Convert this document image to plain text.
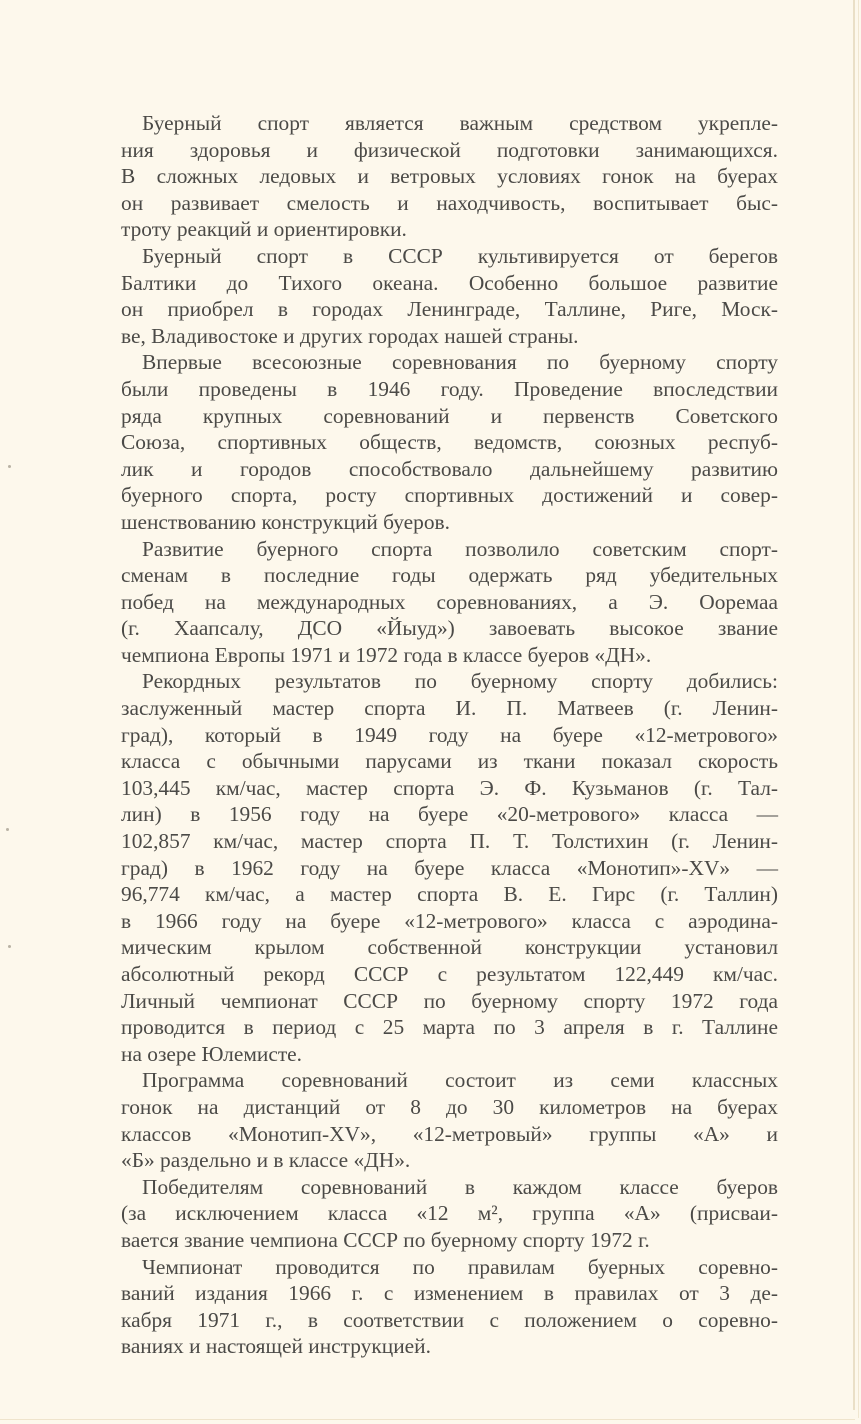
Буерный спорт является важным средством укрепле-
ния здоровья и физической подготовки занимающихся.
В сложных ледовых и ветровых условиях гонок на буерах
он развивает смелость и находчивость, воспитывает быс-
троту реакций и ориентировки.

Буерный спорт в СССР культивируется от берегов
Балтики до Тихого океана. Особенно большое развитие
он приобрел в городах Ленинграде, Таллине, Риге, Моск-
ве, Владивостоке и других городах нашей страны.

Впервые всесоюзные соревнования по буерному спорту
были проведены в 1946 году. Проведение впоследствии
ряда крупных соревнований и первенств Советского
Союза, спортивных обществ, ведомств, союзных респуб-
лик и городов способствовало дальнейшему развитию
буерного спорта, росту спортивных достижений и совер-
шенствованию конструкций буеров.

Развитие буерного спорта позволило советским спорт-
сменам в последние годы одержать ряд убедительных
побед на международных соревнованиях, а Э. Ооремаа
(г. Хаапсалу, ДСО «Йыуд») завоевать высокое звание
чемпиона Европы 1971 и 1972 года в классе буеров «ДН».

Рекордных результатов по буерному спорту добились:
заслуженный мастер спорта И. П. Матвеев (г. Ленин-
град), который в 1949 году на буере «12-метрового»
класса с обычными парусами из ткани показал скорость
103,445 км/час, мастер спорта Э. Ф. Кузьманов (г. Тал-
лин) в 1956 году на буере «20-метрового» класса —
102,857 км/час, мастер спорта П. Т. Толстихин (г. Ленин-
град) в 1962 году на буере класса «Монотип»-XV» —
96,774 км/час, а мастер спорта В. Е. Гирс (г. Таллин)
в 1966 году на буере «12-метрового» класса с аэродина-
мическим крылом собственной конструкции установил
абсолютный рекорд СССР с результатом 122,449 км/час.
Личный чемпионат СССР по буерному спорту 1972 года
проводится в период с 25 марта по 3 апреля в г. Таллине
на озере Юлемисте.

Программа соревнований состоит из семи классных
гонок на дистанций от 8 до 30 километров на буерах
классов «Монотип-XV», «12-метровый» группы «А» и
«Б» раздельно и в классе «ДН».

Победителям соревнований в каждом классе буеров
(за исключением класса «12 м², группа «А» (присваи-
вается звание чемпиона СССР по буерному спорту 1972 г.

Чемпионат проводится по правилам буерных соревно-
ваний издания 1966 г. с изменением в правилах от 3 де-
кабря 1971 г., в соответствии с положением о соревно-
ваниях и настоящей инструкцией.
